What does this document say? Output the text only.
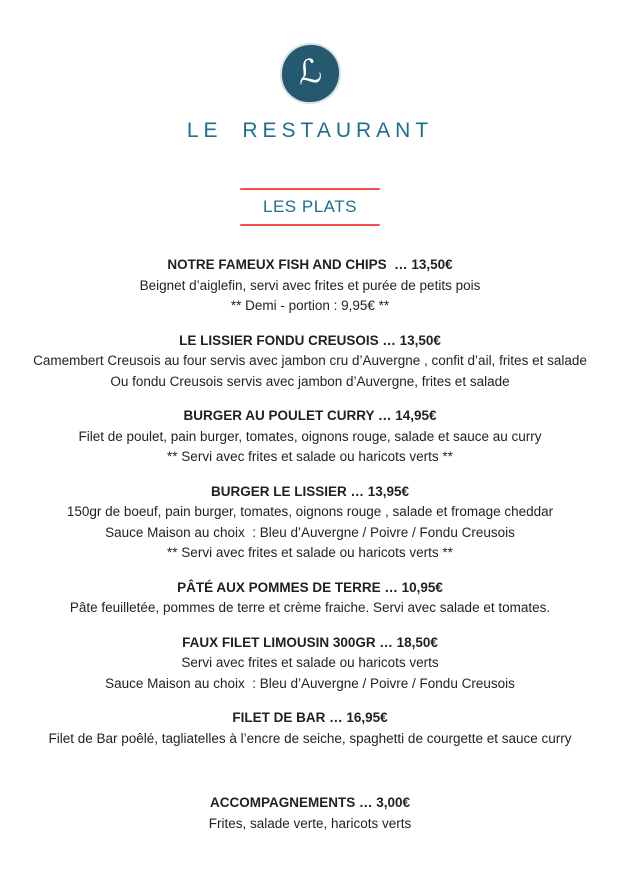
ℒ
LE RESTAURANT
LES PLATS
NOTRE FAMEUX FISH AND CHIPS  … 13,50€
Beignet d’aiglefin, servi avec frites et purée de petits pois
** Demi - portion : 9,95€ **
LE LISSIER FONDU CREUSOIS … 13,50€
Camembert Creusois au four servis avec jambon cru d’Auvergne , confit d’ail, frites et salade
Ou fondu Creusois servis avec jambon d’Auvergne, frites et salade
BURGER AU POULET CURRY … 14,95€
Filet de poulet, pain burger, tomates, oignons rouge, salade et sauce au curry
** Servi avec frites et salade ou haricots verts **
BURGER LE LISSIER … 13,95€
150gr de boeuf, pain burger, tomates, oignons rouge , salade et fromage cheddar
Sauce Maison au choix  : Bleu d’Auvergne / Poivre / Fondu Creusois
** Servi avec frites et salade ou haricots verts **
PÂTÉ AUX POMMES DE TERRE … 10,95€
Pâte feuilletée, pommes de terre et crème fraiche. Servi avec salade et tomates.
FAUX FILET LIMOUSIN 300GR … 18,50€
Servi avec frites et salade ou haricots verts
Sauce Maison au choix  : Bleu d’Auvergne / Poivre / Fondu Creusois
FILET DE BAR … 16,95€
Filet de Bar poêlé, tagliatelles à l’encre de seiche, spaghetti de courgette et sauce curry
ACCOMPAGNEMENTS … 3,00€
Frites, salade verte, haricots verts
